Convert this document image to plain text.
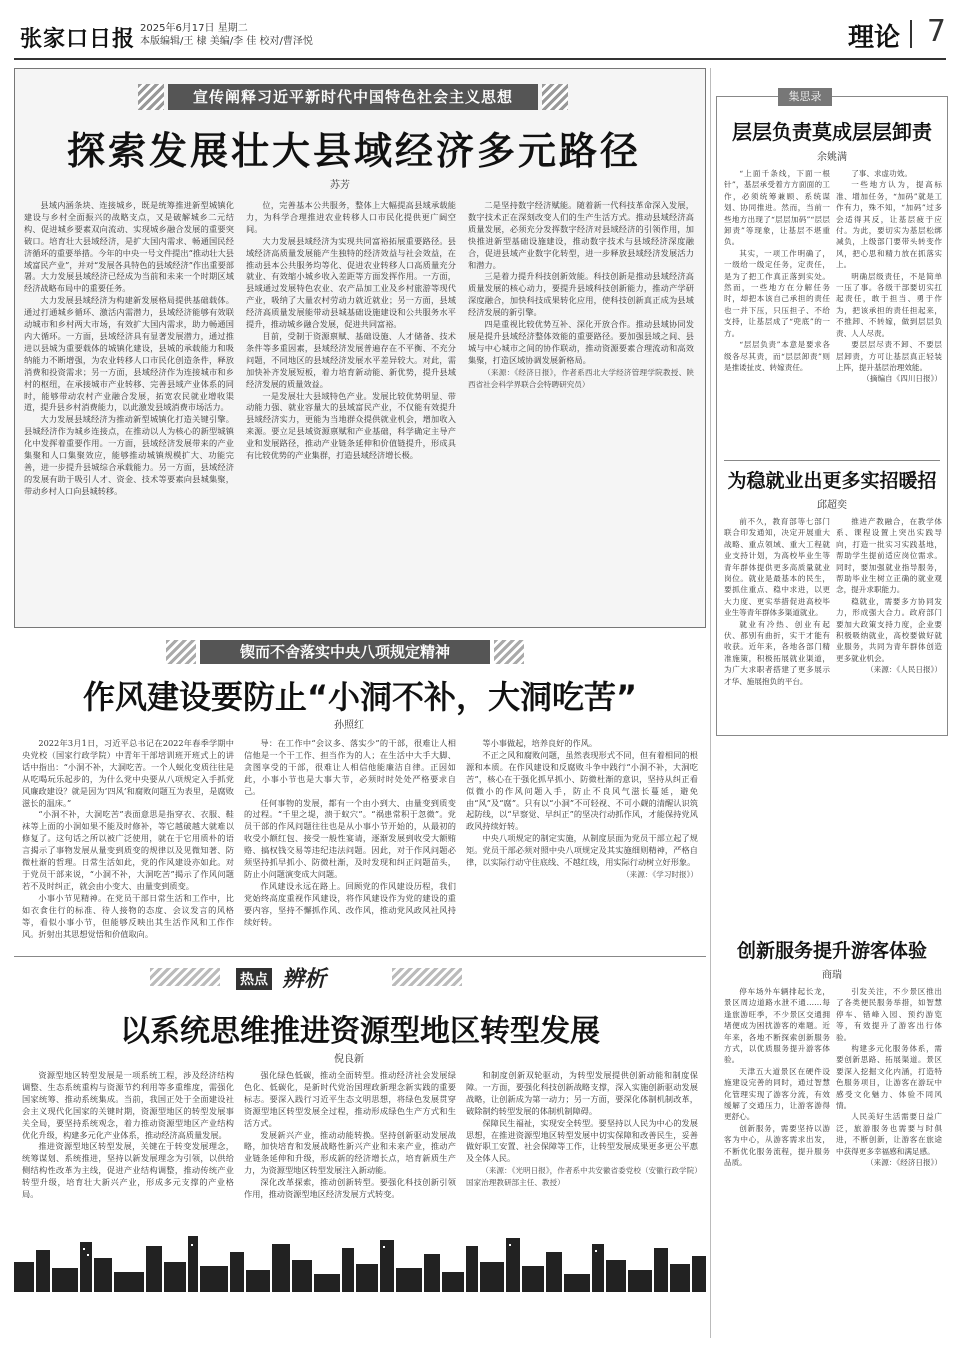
张家口日报 2025年6月17日 星期二
本版编辑/王 棣 美编/李 佳 校对/曹泽悦	理论 7
宣传阐释习近平新时代中国特色社会主义思想
探索发展壮大县域经济多元路径
苏芳

县域内涵条块、连接城乡，既是统筹推进新型城镇化建设与乡村全面振兴的战略支点，又是破解城乡二元结构、促进城乡要素双向流动、实现城乡融合发展的重要突破口。培育壮大县域经济，是扩大国内需求、畅通国民经济循环的重要举措。今年的中央一号文件提出“推动壮大县域富民产业”，并对“发展各具特色的县域经济”作出重要部署。大力发展县域经济已经成为当前和未来一个时期区域经济战略布局中的重要任务。

大力发展县域经济为构建新发展格局提供基础载体。通过打通城乡循环、激活内需潜力，县域经济能够有效联动城市和乡村两大市场，有效扩大国内需求，助力畅通国内大循环。一方面，县域经济具有显著发展潜力，通过推进以县城为重要载体的城镇化建设，县城的承载能力和吸纳能力不断增强，为农业转移人口市民化创造条件，释放消费和投资需求；另一方面，县域经济作为连接城市和乡村的枢纽，在承接城市产业转移、完善县域产业体系的同时，能够带动农村产业融合发展，拓宽农民就业增收渠道，提升县乡村消费能力，以此激发县域消费市场活力。

大力发展县域经济为推动新型城镇化打造关键引擎。县城经济作为城乡连接点，在推动以人为核心的新型城镇化中发挥着重要作用。一方面，县域经济发展带来的产业集聚和人口集聚效应，能够推动城镇规模扩大、功能完善，进一步提升县城综合承载能力。另一方面，县域经济的发展有助于吸引人才、资金、技术等要素向县城集聚，带动乡村人口向县城转移。

位，完善基本公共服务，整体上大幅提高县域承载能力，为科学合理推进农业转移人口市民化提供更广阔空间。

大力发展县域经济为实现共同富裕拓展重要路径。县域经济高质量发展能产生独特的经济效益与社会效益，在推动县本公共服务均等化、促进农业转移人口高质量充分就业、有效缩小城乡收入差距等方面发挥作用。一方面，县域通过发展特色农业、农产品加工业及乡村旅游等现代产业，吸纳了大量农村劳动力就近就业；另一方面，县域经济高质量发展能带动县城基础设施建设和公共服务水平提升，推动城乡融合发展，促进共同富裕。

目前，受制于资源禀赋、基础设施、人才储备、技术条件等多重因素，县域经济发展普遍存在不平衡、不充分问题，不同地区的县域经济发展水平差异较大。对此，需加快补齐发展短板，着力培育新动能、新优势，提升县域经济发展的质量效益。

一是发展壮大县域特色产业。发展比较优势明显、带动能力强、就业容量大的县域富民产业，不仅能有效提升县域经济实力，更能为当地群众提供就业机会，增加收入来源。要立足县域资源禀赋和产业基础，科学确定主导产业和发展路径，推动产业链条延伸和价值链提升，形成具有比较优势的产业集群，打造县域经济增长极。

二是坚持数字经济赋能。随着新一代科技革命深入发展，数字技术正在深刻改变人们的生产生活方式。推动县域经济高质量发展，必须充分发挥数字经济对县域经济的引领作用，加快推进新型基础设施建设，推动数字技术与县域经济深度融合，促进县域产业数字化转型，进一步释放县域经济发展活力和潜力。

三是着力提升科技创新效能。科技创新是推动县域经济高质量发展的核心动力，要提升县域科技创新能力，推动产学研深度融合，加快科技成果转化应用，使科技创新真正成为县域经济发展的新引擎。

四是重视比较优势互补、深化开放合作。推动县域协同发展是提升县域经济整体效能的重要路径。要加强县域之间、县城与中心城市之间的协作联动，推动资源要素合理流动和高效集聚，打造区域协调发展新格局。

（来源：《经济日报》，作者系西北大学经济管理学院教授、陕西省社会科学界联合会特聘研究员）

锲而不舍落实中央八项规定精神
作风建设要防止“小洞不补，大洞吃苦”
孙照红

2022年3月1日，习近平总书记在2022年春季学期中央党校（国家行政学院）中青年干部培训班开班式上的讲话中指出：“小洞不补，大洞吃苦。一个人蜕化变质往往是从吃喝玩乐起步的，为什么党中央要从八项规定入手抓党风廉政建设？就是因为‘四风’和腐败问题互为表里，是腐败滋长的温床。”

“小洞不补，大洞吃苦”表面意思是指穿衣、衣服、鞋袜等上面的小洞如果不能及时修补，等它越破越大就难以修复了。这句话之所以被广泛使用，就在于它用质朴的语言揭示了事物发展从量变到质变的规律以及见微知著、防微杜渐的哲理。日常生活如此，党的作风建设亦如此。对于党员干部来说，“小洞不补，大洞吃苦”揭示了作风问题若不及时纠正，就会由小变大、由量变到质变。

小事小节见精神。在党员干部日常生活和工作中，比如衣食住行的标准、待人接物的态度、会议发言的风格等，看似小事小节，但能够反映出其生活作风和工作作风。折射出其思想觉悟和价值取向。

导：在工作中“会议多、落实少”的干部，很难让人相信他是一个干工作、担当作为的人；在生活中大手大脚、贪图享受的干部，很难让人相信他能廉洁自律。正因如此，小事小节也是大事大节，必须时时处处严格要求自己。

任何事物的发展，都有一个由小到大、由量变到质变的过程。“千里之堤，溃于蚁穴”。“祸患常积于忽微”。党员干部的作风问题往往也是从小事小节开始的，从最初的收受小额红包、接受一般性宴请，逐渐发展到收受大额贿赂、搞权钱交易等违纪违法问题。因此，对于作风问题必须坚持抓早抓小、防微杜渐，及时发现和纠正问题苗头，防止小问题演变成大问题。

作风建设永远在路上。回顾党的作风建设历程，我们党始终高度重视作风建设，将作风建设作为党的建设的重要内容，坚持不懈抓作风、改作风，推动党风政风社风持续好转。

等小事做起，培养良好的作风。

不正之风和腐败问题，虽然表现形式不同，但有着相同的根源和本质。在作风建设和反腐败斗争中践行“小洞不补，大洞吃苦”，核心在于强化抓早抓小、防微杜渐的意识，坚持从纠正看似微小的作风问题入手，防止不良风气滋长蔓延，避免由“风”及“腐”。只有以“小洞”不可轻视、不可小觑的清醒认识筑起防线，以“早察觉、早纠正”的坚决行动抓作风，才能保持党风政风持续好转。

中央八项规定的制定实施，从制度层面为党员干部立起了规矩。党员干部必须对照中央八项规定及其实施细则精神，严格自律，以实际行动守住底线、不越红线，用实际行动树立好形象。

（来源：《学习时报》）

热点 辨析
以系统思维推进资源型地区转型发展
倪良新

资源型地区转型发展是一项系统工程，涉及经济结构调整、生态系统重构与资源节约利用等多重维度，需强化国家统筹、推动系统集成。当前，我国正处于全面建设社会主义现代化国家的关键时期，资源型地区的转型发展事关全局，要坚持系统观念，着力推动资源型地区产业结构优化升级，构建多元化产业体系，推动经济高质量发展。

推进资源型地区转型发展，关键在于转变发展理念，统筹谋划、系统推进，坚持以新发展理念为引领，以供给侧结构性改革为主线，促进产业结构调整，推动传统产业转型升级，培育壮大新兴产业，形成多元支撑的产业格局。

强化绿色低碳，推动全面转型。推动经济社会发展绿色化、低碳化，是新时代党治国理政新理念新实践的重要标志。要深入践行习近平生态文明思想，将绿色发展贯穿资源型地区转型发展全过程，推动形成绿色生产方式和生活方式。

发展新兴产业，推动动能转换。坚持创新驱动发展战略，加快培育和发展战略性新兴产业和未来产业，推动产业链条延伸和升级，形成新的经济增长点，培育新质生产力，为资源型地区转型发展注入新动能。

深化改革探索，推动创新转型。要强化科技创新引领作用，推动资源型地区经济发展方式转变。

和制度创新双轮驱动，为转型发展提供创新动能和制度保障。一方面，要强化科技创新战略支撑，深入实施创新驱动发展战略，让创新成为第一动力；另一方面，要深化体制机制改革，破除制约转型发展的体制机制障碍。

保障民生福祉，实现安全转型。要坚持以人民为中心的发展思想，在推进资源型地区转型发展中切实保障和改善民生，妥善做好职工安置、社会保障等工作，让转型发展成果更多更公平惠及全体人民。

（来源：《光明日报》，作者系中共安徽省委党校（安徽行政学院）国家治理教研部主任、教授）

集思录
层层负责莫成层层卸责
余姚满

“上面千条线，下面一根针”，基层承受着方方面面的工作，必须统筹兼顾、系统谋划、协同推进。然而，当前一些地方出现了“层层加码”“层层卸责”等现象，让基层不堪重负。

其实，一项工作明确了，一级给一级定任务，定责任，是为了把工作真正落到实处。然而，一些地方在分解任务时，却把本该自己承担的责任也一并下压，只压担子、不给支持，让基层成了“兜底”的一方。

“层层负责”本意是要求各级各尽其责，而“层层卸责”则是推诿扯皮、转嫁责任。

了事、求虚功效。

一些地方认为，提高标准、增加任务，“加码”就是工作有力，殊不知，“加码”过多会适得其反，让基层疲于应付。为此，要切实为基层松绑减负，上级部门要带头转变作风，把心思和精力放在抓落实上。

明确层级责任，不是简单一压了事。各级干部要切实扛起责任，敢于担当、勇于作为，把该承担的责任担起来，不推卸、不转嫁，做到层层负责、人人尽责。

要层层尽责不卸、不要层层卸责，方可让基层真正轻装上阵，提升基层治理效能。

（摘编自《四川日报》）

为稳就业出更多实招暖招
邱超奕

前不久，教育部等七部门联合印发通知，决定开展重大战略、重点领域、重大工程就业支持计划，为高校毕业生等青年群体提供更多高质量就业岗位。就业是最基本的民生，要抓住重点、稳中求进，以更大力度、更实举措促进高校毕业生等青年群体多渠道就业。

就业有冷热、创业有起伏、都别有曲折，实干才能有收获。近年来，各地各部门精准施策，积极拓展就业渠道，为广大求职者搭建了更多展示才华、施展抱负的平台。

推进产教融合，在教学体系、课程设置上突出实践导向，打造一批实习实践基地，帮助学生提前适应岗位需求。同时，要加强就业指导服务，帮助毕业生树立正确的就业观念，提升求职能力。

稳就业，需要多方协同发力，形成强大合力。政府部门要加大政策支持力度，企业要积极吸纳就业，高校要做好就业服务，共同为青年群体创造更多就业机会。

（来源：《人民日报》）

创新服务提升游客体验
商瑞

停车场外车辆排起长龙，景区周边道路水泄不通……每逢旅游旺季，不少景区交通拥堵便成为困扰游客的难题。近年来，各地不断探索创新服务方式，以优质服务提升游客体验。

天津五大道景区在硬件设施建设完善的同时，通过智慧化管理实现了游客分流，有效缓解了交通压力，让游客游得更舒心。

创新服务，需要坚持以游客为中心，从游客需求出发，不断优化服务流程，提升服务品质。

引发关注，不少景区推出了各类便民服务举措，如智慧停车、错峰入园、预约游览等，有效提升了游客出行体验。

构建多元化服务体系，需要创新思路、拓展渠道。景区要深入挖掘文化内涵，打造特色服务项目，让游客在游玩中感受文化魅力、体验不同风情。

人民美好生活需要日益广泛，旅游服务也需要与时俱进，不断创新，让游客在旅途中获得更多幸福感和满足感。

（来源：《经济日报》）
